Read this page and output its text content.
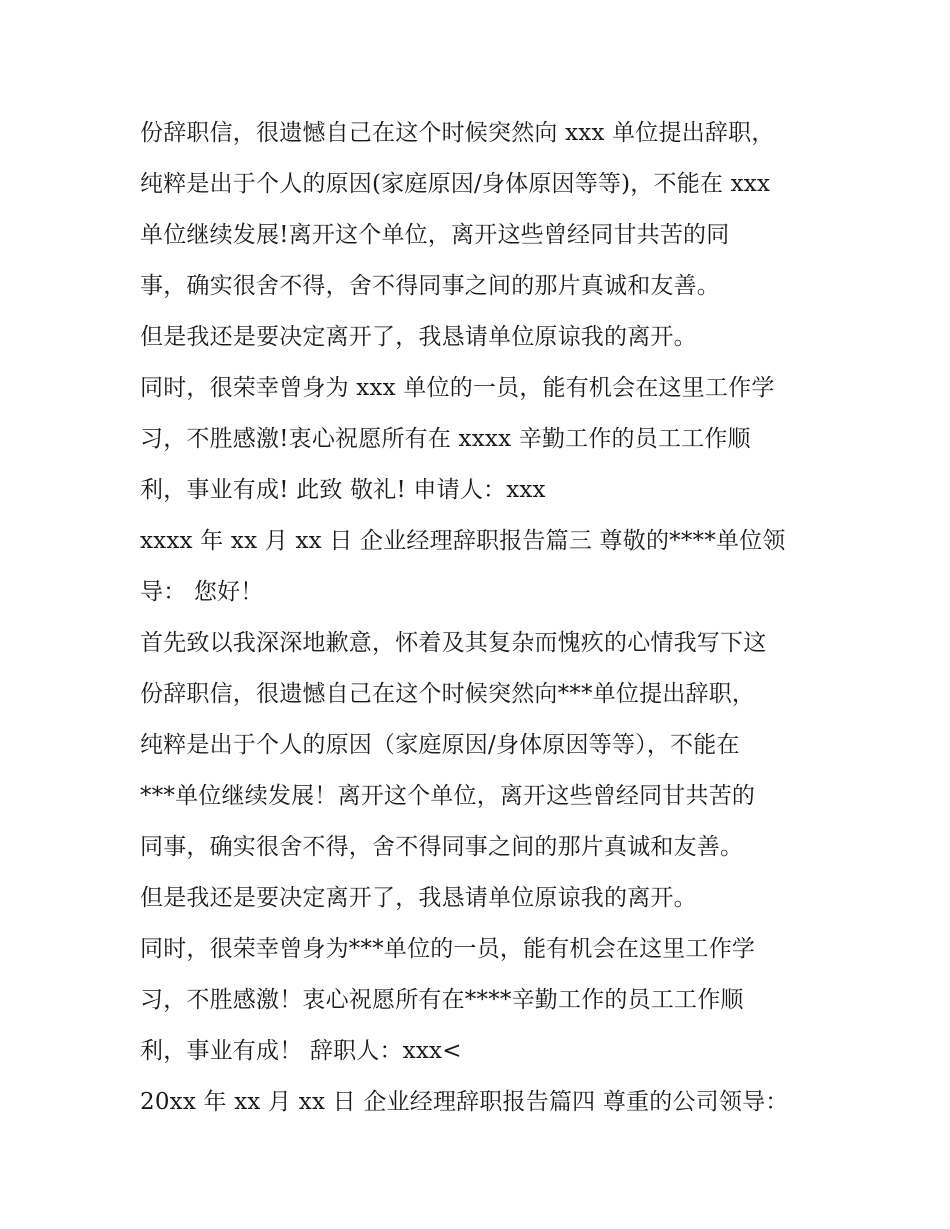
份辞职信，很遗憾自己在这个时候突然向 xxx 单位提出辞职，
纯粹是出于个人的原因(家庭原因/身体原因等等)，不能在 xxx
单位继续发展!离开这个单位，离开这些曾经同甘共苦的同
事，确实很舍不得，舍不得同事之间的那片真诚和友善。
但是我还是要决定离开了，我恳请单位原谅我的离开。
同时，很荣幸曾身为 xxx 单位的一员，能有机会在这里工作学
习，不胜感激!衷心祝愿所有在 xxxx 辛勤工作的员工工作顺
利，事业有成! 此致 敬礼! 申请人：xxx
xxxx 年 xx 月 xx 日 企业经理辞职报告篇三 尊敬的****单位领
导： 您好！
首先致以我深深地歉意，怀着及其复杂而愧疚的心情我写下这
份辞职信，很遗憾自己在这个时候突然向***单位提出辞职，
纯粹是出于个人的原因（家庭原因/身体原因等等），不能在
***单位继续发展！离开这个单位，离开这些曾经同甘共苦的
同事，确实很舍不得，舍不得同事之间的那片真诚和友善。
但是我还是要决定离开了，我恳请单位原谅我的离开。
同时，很荣幸曾身为***单位的一员，能有机会在这里工作学
习，不胜感激！衷心祝愿所有在****辛勤工作的员工工作顺
利，事业有成！ 辞职人：xxx<
20xx 年 xx 月 xx 日 企业经理辞职报告篇四 尊重的公司领导：
